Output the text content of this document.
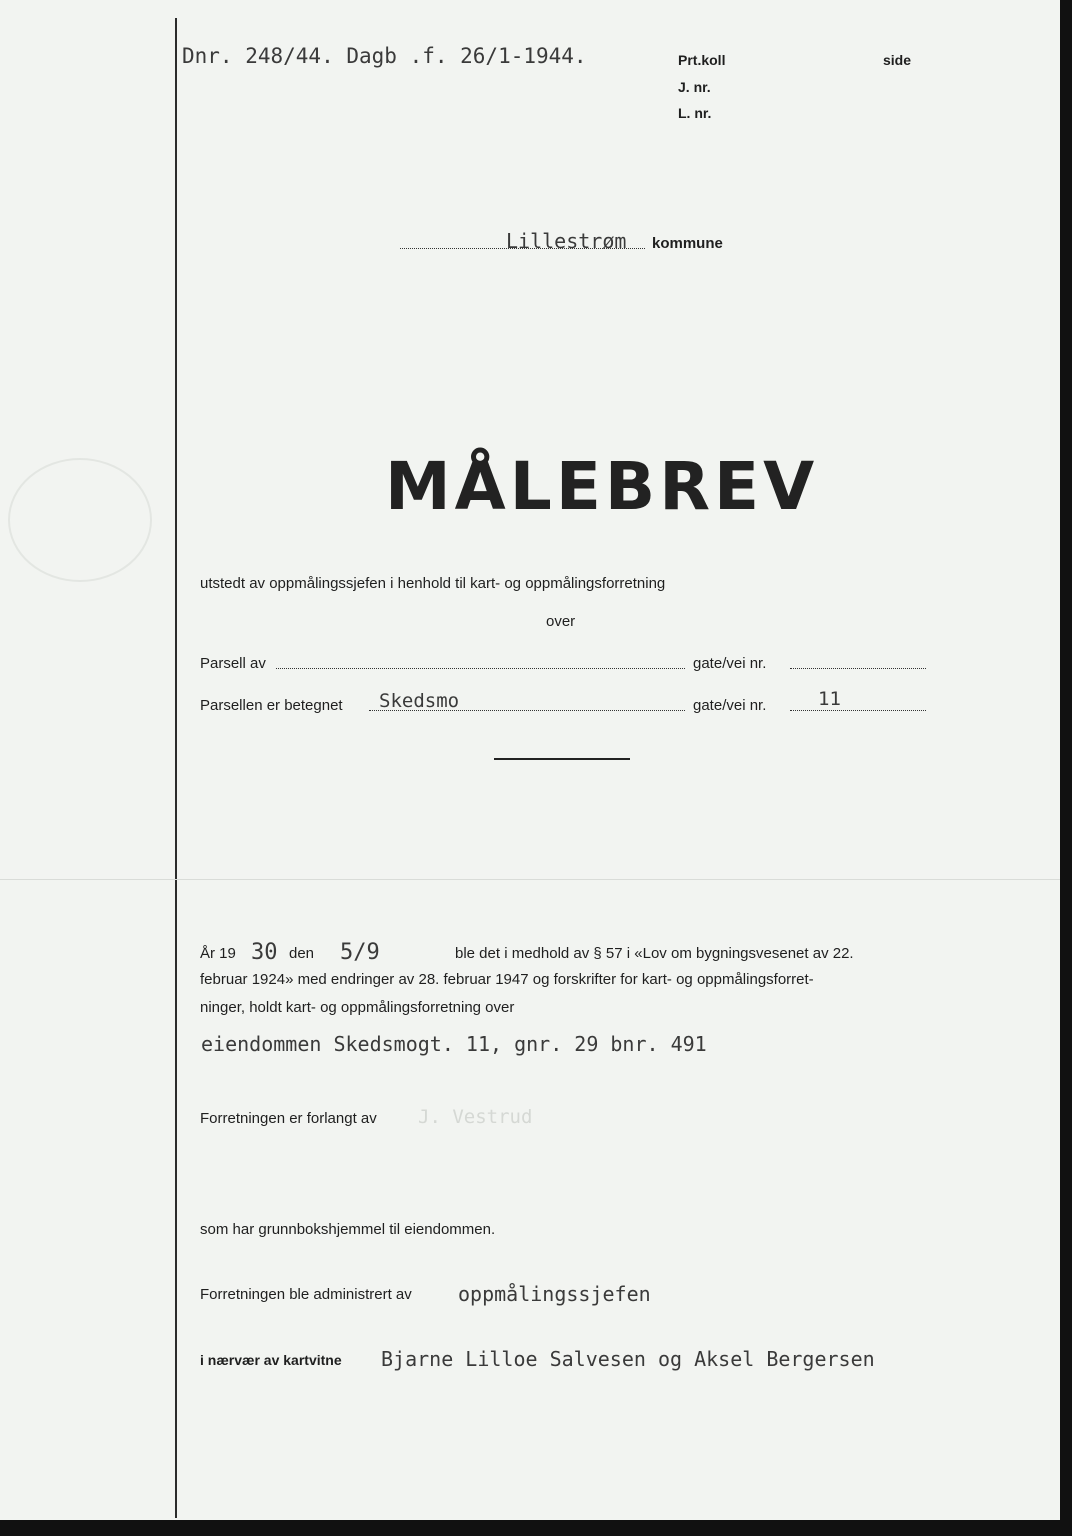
Dnr. 248/44. Dagb .f. 26/1-1944.	Prt.koll
J. nr.
L. nr.
side
Lillestrøm kommune
MÅLEBREV
utstedt av oppmålingssjefen i henhold til kart- og oppmålingsforretning
over
Parsell av	gate/vei nr.
Parsellen er betegnet Skedsmo	gate/vei nr.	11
År 19 30 den 5/9	ble det i medhold av § 57 i «Lov om bygningsvesenet av 22.
februar 1924» med endringer av 28. februar 1947 og forskrifter for kart- og oppmålingsforret-
ninger, holdt kart- og oppmålingsforretning over
eiendommen Skedsmogt. 11, gnr. 29 bnr. 491
Forretningen er forlangt av J. Vestrud
som har grunnbokshjemmel til eiendommen.
Forretningen ble administrert av oppmålingssjefen
i nærvær av kartvitne Bjarne Lilloe Salvesen og Aksel Bergersen
